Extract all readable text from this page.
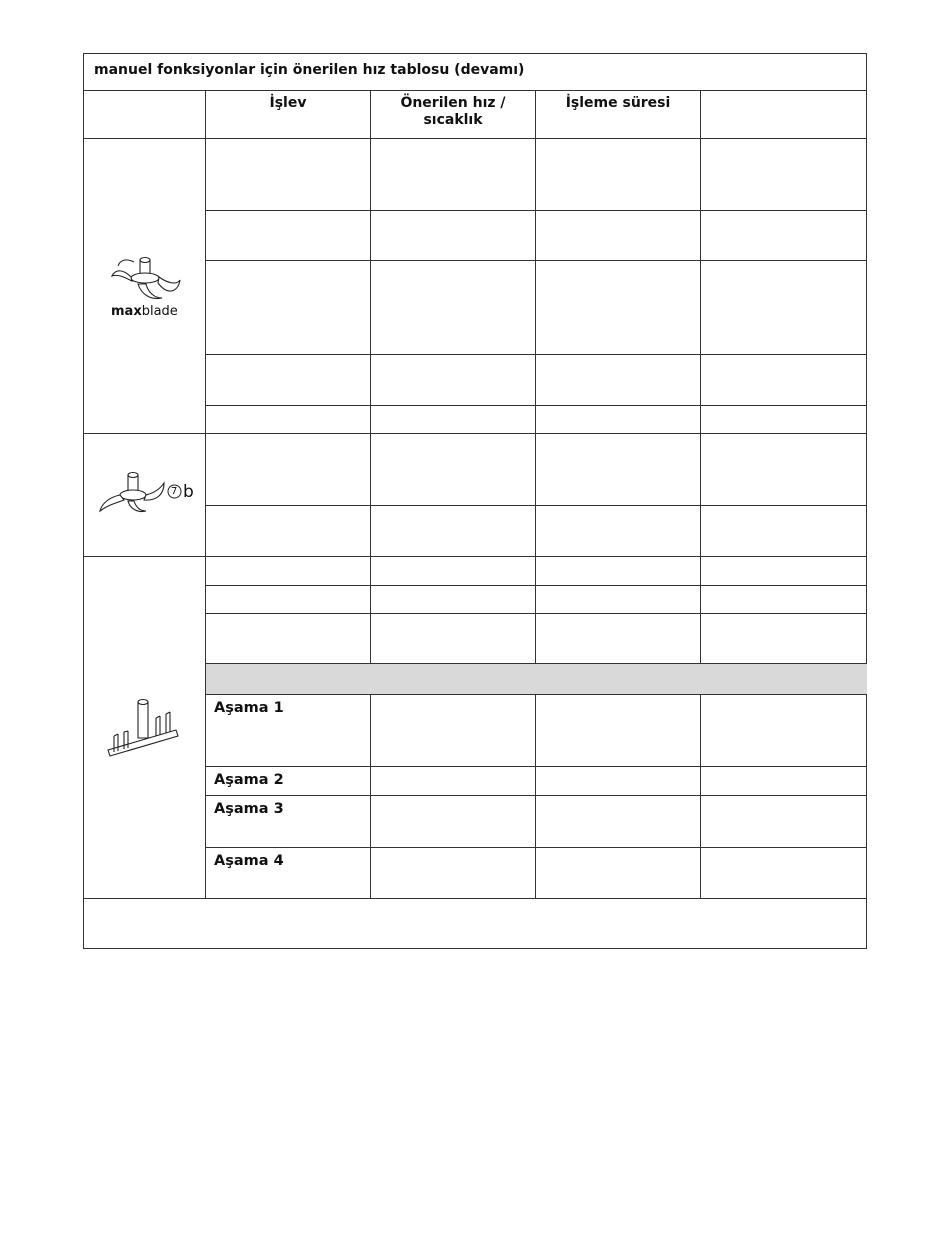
manuel fonksiyonlar için önerilen hız tablosu (devamı)
İşlev	Önerilen hız /
sıcaklık
İşleme süresi
maxblade
7 b
Aşama 1
Aşama 2
Aşama 3
Aşama 4
